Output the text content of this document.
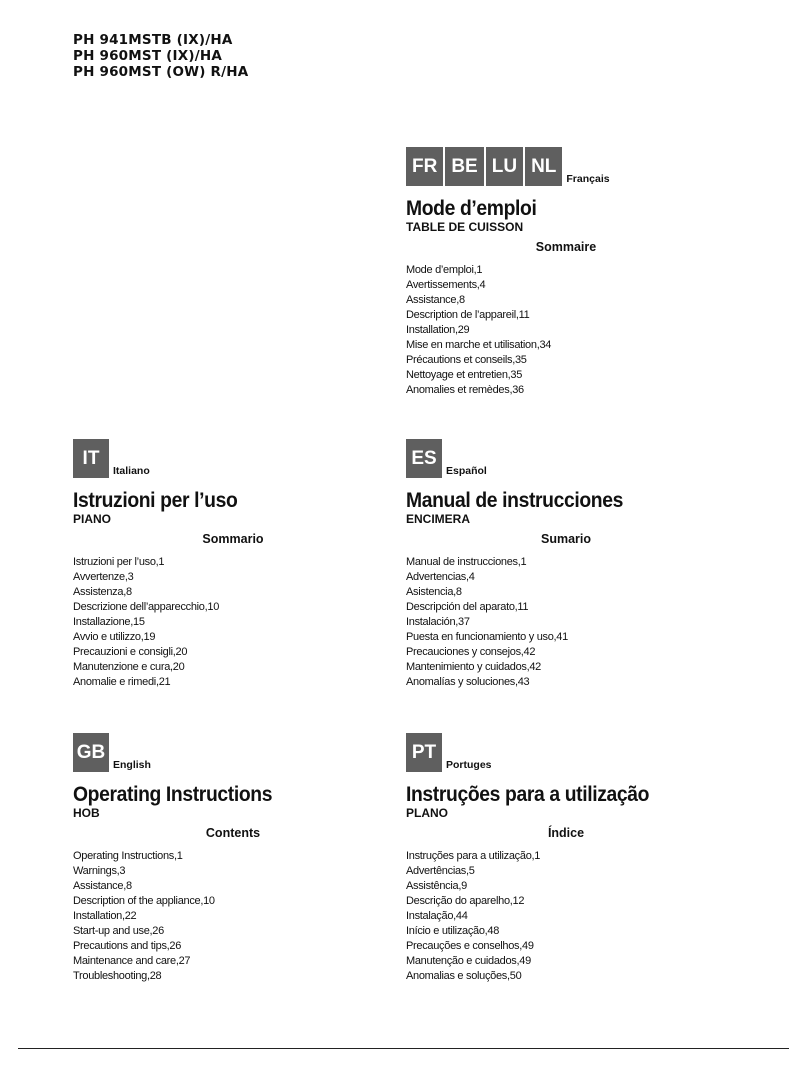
PH 941MSTB (IX)/HA
PH 960MST (IX)/HA
PH 960MST (OW) R/HA
FR BE LU NL
Français
Mode d’emploi
TABLE DE CUISSON
Sommaire
Mode d’emploi,1
Avertissements,4
Assistance,8
Description de l’appareil,11
Installation,29
Mise en marche et utilisation,34
Précautions et conseils,35
Nettoyage et entretien,35
Anomalies et remèdes,36
IT
Italiano
Istruzioni per l’uso
PIANO
Sommario
Istruzioni per l’uso,1
Avvertenze,3
Assistenza,8
Descrizione dell’apparecchio,10
Installazione,15
Avvio e utilizzo,19
Precauzioni e consigli,20
Manutenzione e cura,20
Anomalie e rimedi,21
ES
Español
Manual de instrucciones
ENCIMERA
Sumario
Manual de instrucciones,1
Advertencias,4
Asistencia,8
Descripción del aparato,11
Instalación,37
Puesta en funcionamiento y uso,41
Precauciones y consejos,42
Mantenimiento y cuidados,42
Anomalías y soluciones,43
GB
English
Operating Instructions
HOB
Contents
Operating Instructions,1
Warnings,3
Assistance,8
Description of the appliance,10
Installation,22
Start-up and use,26
Precautions and tips,26
Maintenance and care,27
Troubleshooting,28
PT
Portuges
Instruções para a utilização
PLANO
Índice
Instruções para a utilização,1
Advertências,5
Assistência,9
Descrição do aparelho,12
Instalação,44
Início e utilização,48
Precauções e conselhos,49
Manutenção e cuidados,49
Anomalias e soluções,50
